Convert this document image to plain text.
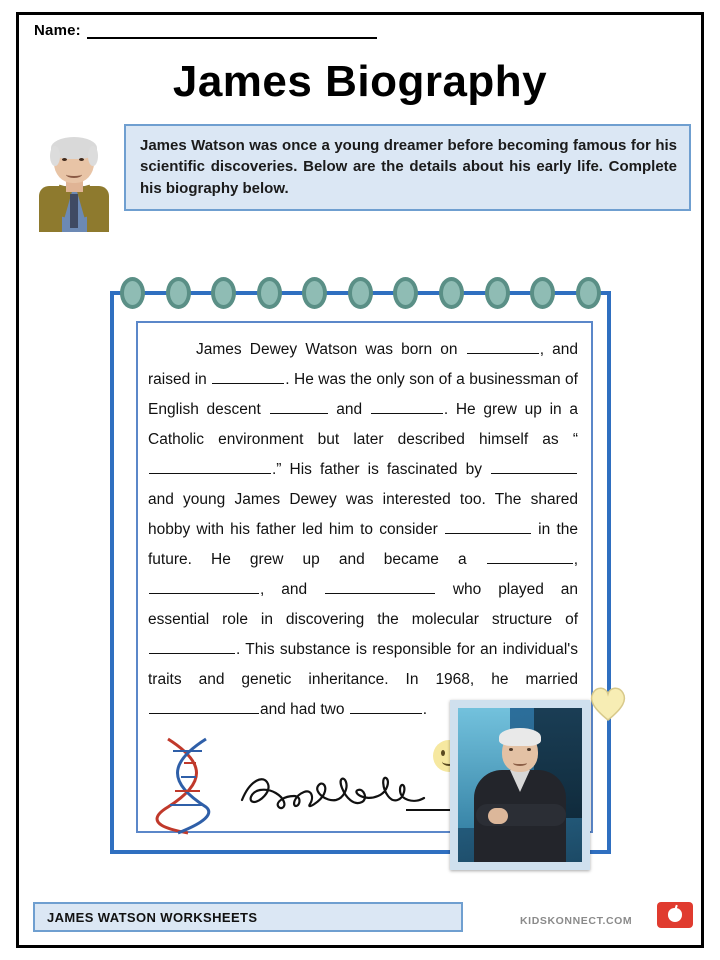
Name:
James Biography
James Watson was once a young dreamer before becoming famous for his scientific discoveries. Below are the details about his early life. Complete his biography below.
James Dewey Watson was born on	, and raised in	. He was the only son of a businessman of English descent	and	. He grew up in a Catholic environment but later described himself as “.” His father is fascinated by  and young James Dewey was interested too. The shared hobby with his father led him to consider	in the future. He grew up and became a	, , and	who played an essential role in discovering the molecular structure of . This substance is responsible for an individual's traits and genetic inheritance. In 1968, he married and had two	.
JAMES WATSON WORKSHEETS	KIDSKONNECT.COM
